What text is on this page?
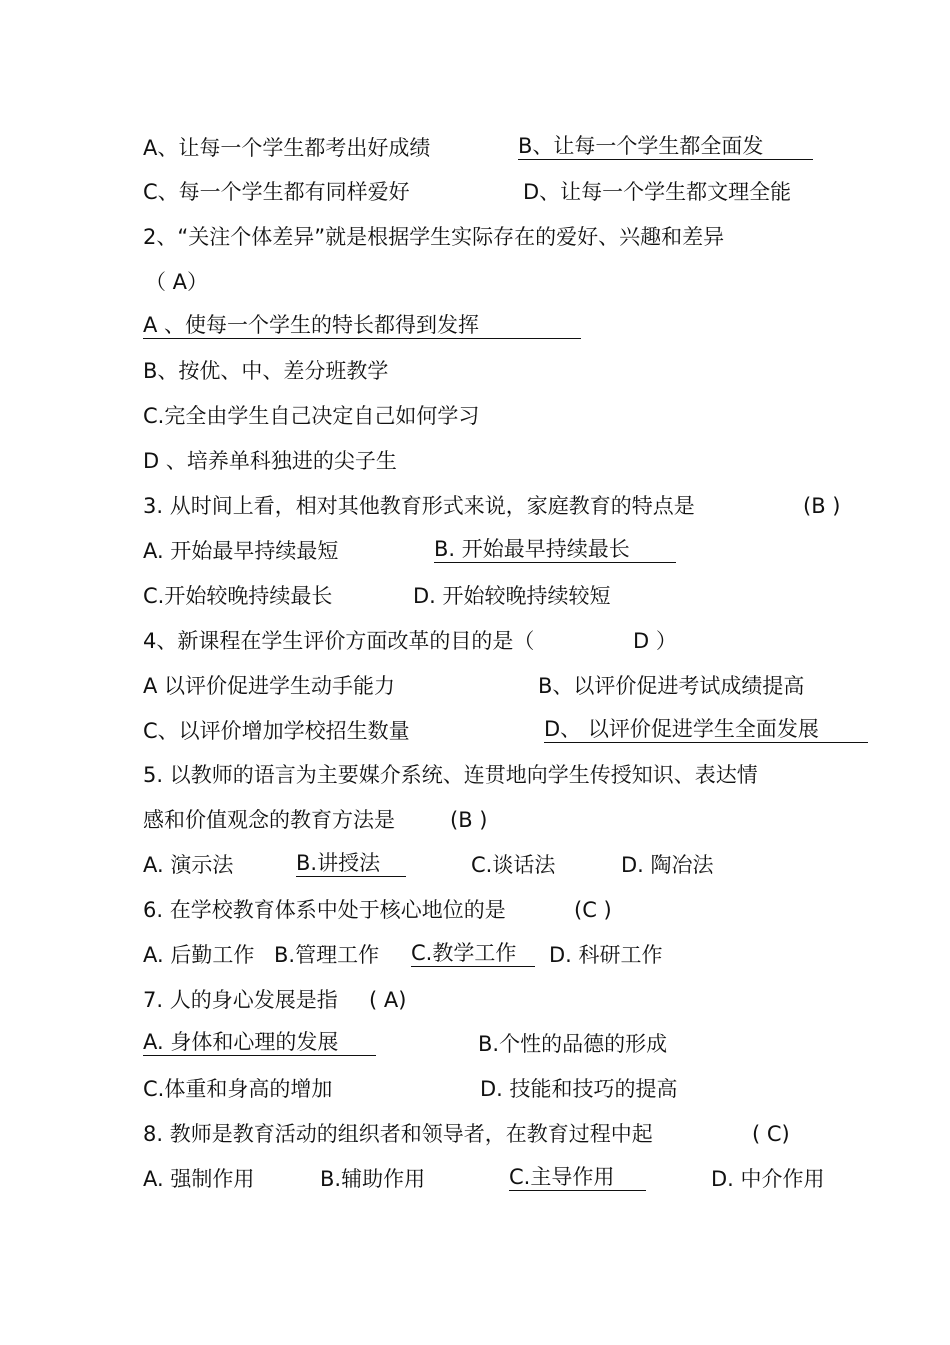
A、让每一个学生都考出好成绩	B、让每一个学生都全面发
C、每一个学生都有同样爱好	D、让每一个学生都文理全能
2、“关注个体差异”就是根据学生实际存在的爱好、兴趣和差异
（ A）
A 、使每一个学生的特长都得到发挥
B、按优、中、差分班教学
C.完全由学生自己决定自己如何学习
D 、培养单科独进的尖子生
3. 从时间上看，相对其他教育形式来说，家庭教育的特点是	(B )
A. 开始最早持续最短	B. 开始最早持续最长
C.开始较晚持续最长	D. 开始较晚持续较短
4、新课程在学生评价方面改革的目的是（	D ）
A 以评价促进学生动手能力	B、以评价促进考试成绩提高
C、以评价增加学校招生数量	D、 以评价促进学生全面发展
5. 以教师的语言为主要媒介系统、连贯地向学生传授知识、表达情
感和价值观念的教育方法是	(B )
A. 演示法	B.讲授法	C.谈话法	D. 陶冶法
6. 在学校教育体系中处于核心地位的是	(C )
A. 后勤工作 B.管理工作 C.教学工作	D. 科研工作
7. 人的身心发展是指 ( A)
A. 身体和心理的发展	B.个性的品德的形成
C.体重和身高的增加	D. 技能和技巧的提高
8. 教师是教育活动的组织者和领导者，在教育过程中起	( C)
A. 强制作用	B.辅助作用	C.主导作用	D. 中介作用
